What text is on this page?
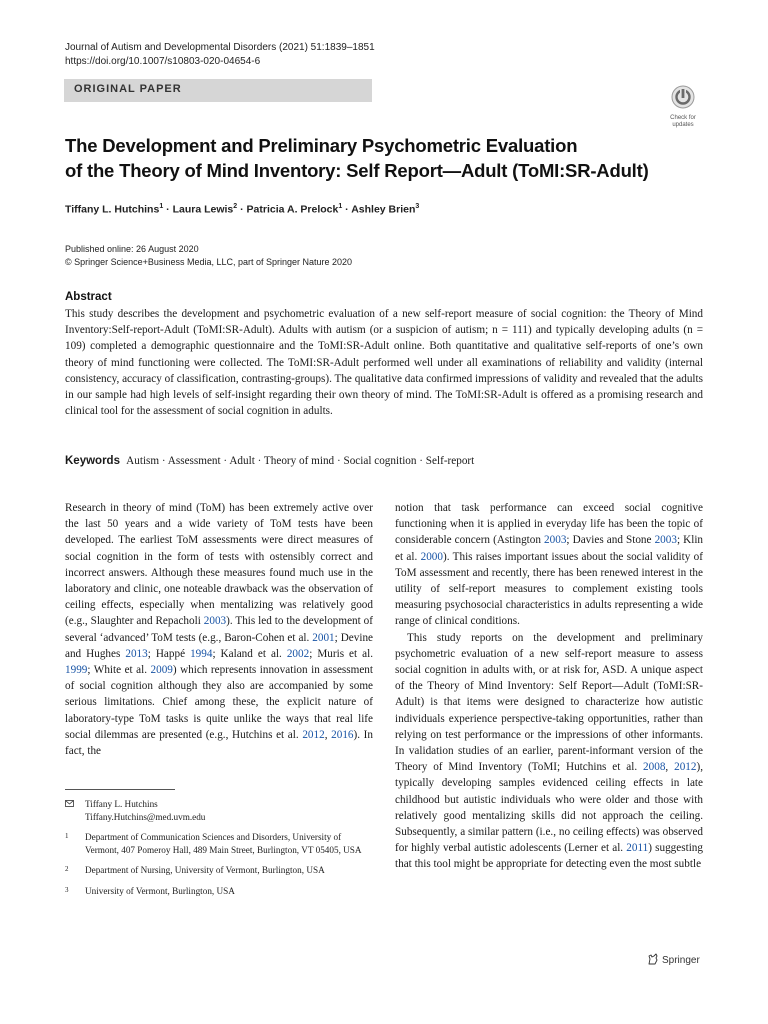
Journal of Autism and Developmental Disorders (2021) 51:1839–1851
https://doi.org/10.1007/s10803-020-04654-6
ORIGINAL PAPER
Check for
updates
The Development and Preliminary Psychometric Evaluation
of the Theory of Mind Inventory: Self Report—Adult (ToMI:SR-Adult)
Tiffany L. Hutchins$^1$ · Laura Lewis$^2$ · Patricia A. Prelock$^1$ · Ashley Brien$^3$
Published online: 26 August 2020
© Springer Science+Business Media, LLC, part of Springer Nature 2020
Abstract
This study describes the development and psychometric evaluation of a new self-report measure of social cognition: the Theory of Mind Inventory:Self-report-Adult (ToMI:SR-Adult). Adults with autism (or a suspicion of autism; n = 111) and typically developing adults (n = 109) completed a demographic questionnaire and the ToMI:SR-Adult online. Both quantitative and qualitative self-reports of one’s own theory of mind functioning were collected. The ToMI:SR-Adult performed well under all examinations of reliability and validity (internal consistency, accuracy of classification, contrasting-groups). The qualitative data confirmed impressions of validity and revealed that the adults in our sample had high levels of self-insight regarding their own theory of mind. The ToMI:SR-Adult is offered as a promising research and clinical tool for the assessment of social cognition in adults.
Keywords Autism · Assessment · Adult · Theory of mind · Social cognition · Self-report

Research in theory of mind (ToM) has been extremely active over the last 50 years and a wide variety of ToM tests have been developed. The earliest ToM assessments were direct measures of social cognition in the form of tests with ostensibly correct and incorrect answers. Although these measures found much use in the laboratory and clinic, one noteable drawback was the observation of ceiling effects, especially when mentalizing was relatively good (e.g., Slaughter and Repacholi 2003). This led to the development of several ‘advanced’ ToM tests (e.g., Baron-Cohen et al. 2001; Devine and Hughes 2013; Happé 1994; Kaland et al. 2002; Muris et al. 1999; White et al. 2009) which represents innovation in assessment of social cognition although they also are accompanied by some serious limitations. Chief among these, the explicit nature of laboratory-type ToM tasks is quite unlike the ways that real life social dilemmas are presented (e.g., Hutchins et al. 2012, 2016). In fact, the

notion that task performance can exceed social cognitive functioning when it is applied in everyday life has been the topic of considerable concern (Astington 2003; Davies and Stone 2003; Klin et al. 2000). This raises important issues about the social validity of ToM assessment and recently, there has been renewed interest in the utility of self-report measures to complement existing tools measuring psychosocial characteristics in adults representing a wide range of clinical conditions.

This study reports on the development and preliminary psychometric evaluation of a new self-report measure to assess social cognition in adults with, or at risk for, ASD. A unique aspect of the Theory of Mind Inventory: Self Report—Adult (ToMI:SR-Adult) is that items were designed to characterize how autistic individuals experience perspective-taking opportunities, rather than relying on test performance or the impressions of other informants. In validation studies of an earlier, parent-informant version of the Theory of Mind Inventory (ToMI; Hutchins et al. 2008, 2012), typically developing samples evidenced ceiling effects in late childhood but autistic individuals who were older and those with relatively good mentalizing skills did not approach the ceiling. Subsequently, a similar pattern (i.e., no ceiling effects) was observed for highly verbal autistic adolescents (Lerner et al. 2011) suggesting that this tool might be appropriate for detecting even the most subtle

Tiffany L. Hutchins
Tiffany.Hutchins@med.uvm.edu
1 Department of Communication Sciences and Disorders, University of Vermont, 407 Pomeroy Hall, 489 Main Street, Burlington, VT 05405, USA
2 Department of Nursing, University of Vermont, Burlington, USA
3 University of Vermont, Burlington, USA
Springer
